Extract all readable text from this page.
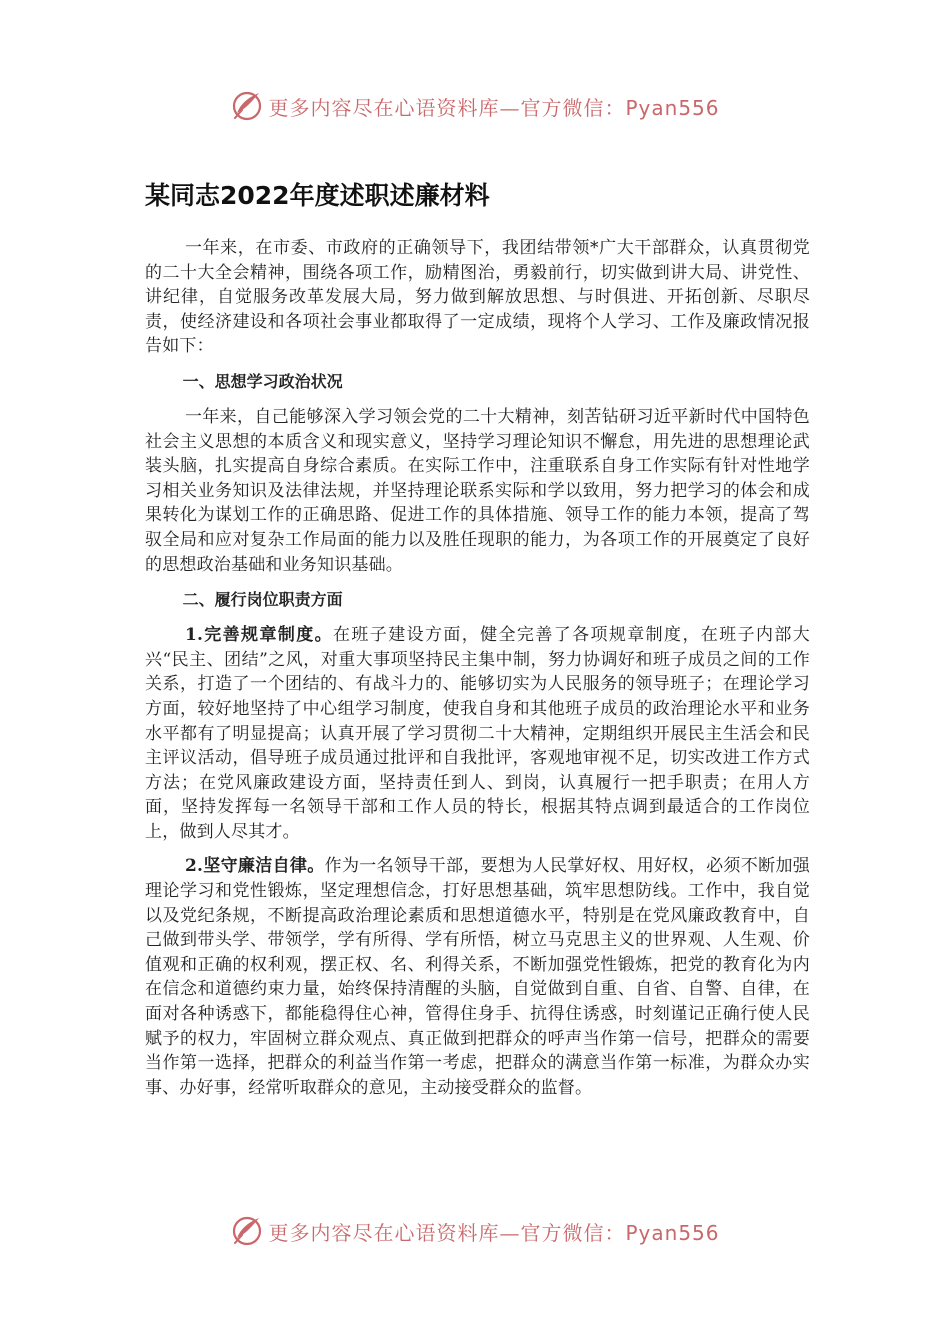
更多内容尽在心语资料库—官方微信：Pyan556
某同志2022年度述职述廉材料

一年来，在市委、市政府的正确领导下，我团结带领*广大干部群众，认真贯彻党的二十大全会精神，围绕各项工作，励精图治，勇毅前行，切实做到讲大局、讲党性、讲纪律，自觉服务改革发展大局，努力做到解放思想、与时俱进、开拓创新、尽职尽责，使经济建设和各项社会事业都取得了一定成绩，现将个人学习、工作及廉政情况报告如下：

一、思想学习政治状况

一年来，自己能够深入学习领会党的二十大精神，刻苦钻研习近平新时代中国特色社会主义思想的本质含义和现实意义，坚持学习理论知识不懈怠，用先进的思想理论武装头脑，扎实提高自身综合素质。在实际工作中，注重联系自身工作实际有针对性地学习相关业务知识及法律法规，并坚持理论联系实际和学以致用，努力把学习的体会和成果转化为谋划工作的正确思路、促进工作的具体措施、领导工作的能力本领，提高了驾驭全局和应对复杂工作局面的能力以及胜任现职的能力，为各项工作的开展奠定了良好的思想政治基础和业务知识基础。

二、履行岗位职责方面

1.完善规章制度。在班子建设方面，健全完善了各项规章制度，在班子内部大兴“民主、团结”之风，对重大事项坚持民主集中制，努力协调好和班子成员之间的工作关系，打造了一个团结的、有战斗力的、能够切实为人民服务的领导班子；在理论学习方面，较好地坚持了中心组学习制度，使我自身和其他班子成员的政治理论水平和业务水平都有了明显提高；认真开展了学习贯彻二十大精神，定期组织开展民主生活会和民主评议活动，倡导班子成员通过批评和自我批评，客观地审视不足，切实改进工作方式方法；在党风廉政建设方面，坚持责任到人、到岗，认真履行一把手职责；在用人方面，坚持发挥每一名领导干部和工作人员的特长，根据其特点调到最适合的工作岗位上，做到人尽其才。

2.坚守廉洁自律。作为一名领导干部，要想为人民掌好权、用好权，必须不断加强理论学习和党性锻炼，坚定理想信念，打好思想基础，筑牢思想防线。工作中，我自觉以及党纪条规，不断提高政治理论素质和思想道德水平，特别是在党风廉政教育中，自己做到带头学、带领学，学有所得、学有所悟，树立马克思主义的世界观、人生观、价值观和正确的权利观，摆正权、名、利得关系，不断加强党性锻炼，把党的教育化为内在信念和道德约束力量，始终保持清醒的头脑，自觉做到自重、自省、自警、自律，在面对各种诱惑下，都能稳得住心神，管得住身手、抗得住诱惑，时刻谨记正确行使人民赋予的权力，牢固树立群众观点、真正做到把群众的呼声当作第一信号，把群众的需要当作第一选择，把群众的利益当作第一考虑，把群众的满意当作第一标准，为群众办实事、办好事，经常听取群众的意见，主动接受群众的监督。

更多内容尽在心语资料库—官方微信：Pyan556
